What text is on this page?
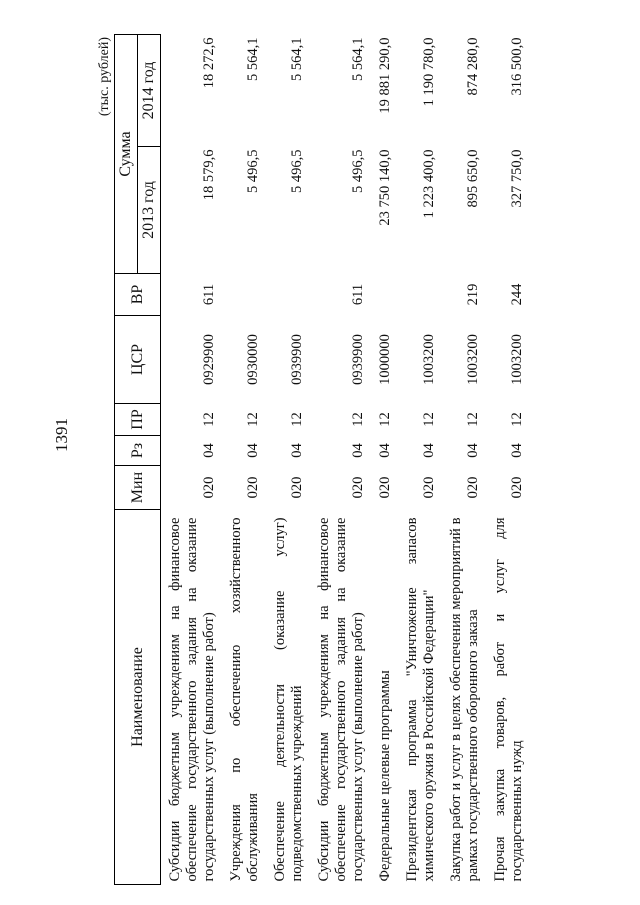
1391
(тыс. рублей)
Наименование	Мин	Рз	ПР	ЦСР	ВР	Сумма	
						2013 год	2014 год
Субсидии бюджетным учреждениям на финансовое обеспечение государственного задания на оказание государственных услуг (выполнение работ)	020	04	12	0929900	611	18 579,6	18 272,6
Учреждения по обеспечению хозяйственного обслуживания	020	04	12	0930000		5 496,5	5 564,1
Обеспечение деятельности (оказание услуг) подведомственных учреждений	020	04	12	0939900		5 496,5	5 564,1
Субсидии бюджетным учреждениям на финансовое обеспечение государственного задания на оказание государственных услуг (выполнение работ)	020	04	12	0939900	611	5 496,5	5 564,1
Федеральные целевые программы	020	04	12	1000000		23 750 140,0	19 881 290,0
Президентская программа "Уничтожение запасов химического оружия в Российской Федерации"	020	04	12	1003200		1 223 400,0	1 190 780,0
Закупка работ и услуг в целях обеспечения мероприятий в рамках государственного оборонного заказа	020	04	12	1003200	219	895 650,0	874 280,0
Прочая закупка товаров, работ и услуг для государственных нужд	020	04	12	1003200	244	327 750,0	316 500,0
